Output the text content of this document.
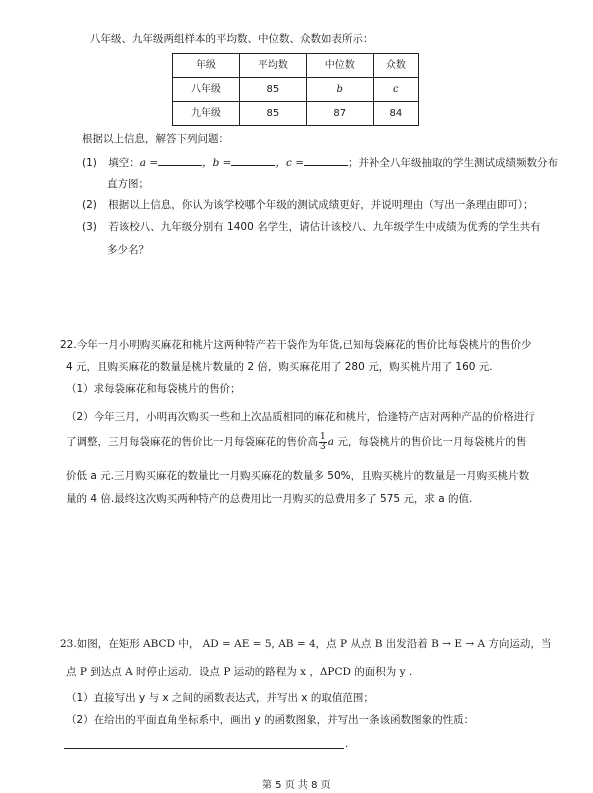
八年级、九年级两组样本的平均数、中位数、众数如表所示：
年级	平均数	中位数	众数
八年级	85	b	c
九年级	85	87	84
根据以上信息，解答下列问题：
(1) 填空：a =	，b =	，c =	；并补全八年级抽取的学生测试成绩频数分布
直方图；
(2) 根据以上信息，你认为该学校哪个年级的测试成绩更好，并说明理由（写出一条理由即可）；
(3) 若该校八、九年级分别有 1400 名学生，请估计该校八、九年级学生中成绩为优秀的学生共有
多少名？
22.今年一月小明购买麻花和桃片这两种特产若干袋作为年货,已知每袋麻花的售价比每袋桃片的售价少
4 元，且购买麻花的数量是桃片数量的 2 倍，购买麻花用了 280 元，购买桃片用了 160 元.
（1）求每袋麻花和每袋桃片的售价；
（2）今年三月，小明再次购买一些和上次品质相同的麻花和桃片，恰逢特产店对两种产品的价格进行
了调整，三月每袋麻花的售价比一月每袋麻花的售价高 $\frac{1}{3}$ a 元，每袋桃片的售价比一月每袋桃片的售
价低 a 元.三月购买麻花的数量比一月购买麻花的数量多 50%，且购买桃片的数量是一月购买桃片数
量的 4 倍.最终这次购买两种特产的总费用比一月购买的总费用多了 575 元，求 a 的值.
23.如图，在矩形 ABCD 中， AD = AE = 5, AB = 4，点 P 从点 B 出发沿着 B → E → A 方向运动，当
点 P 到达点 A 时停止运动．设点 P 运动的路程为 x ，ΔPCD 的面积为 y .
（1）直接写出 y 与 x 之间的函数表达式，并写出 x 的取值范围；
（2）在给出的平面直角坐标系中，画出 y 的函数图象，并写出一条该函数图象的性质：
.
第 5 页 共 8 页
